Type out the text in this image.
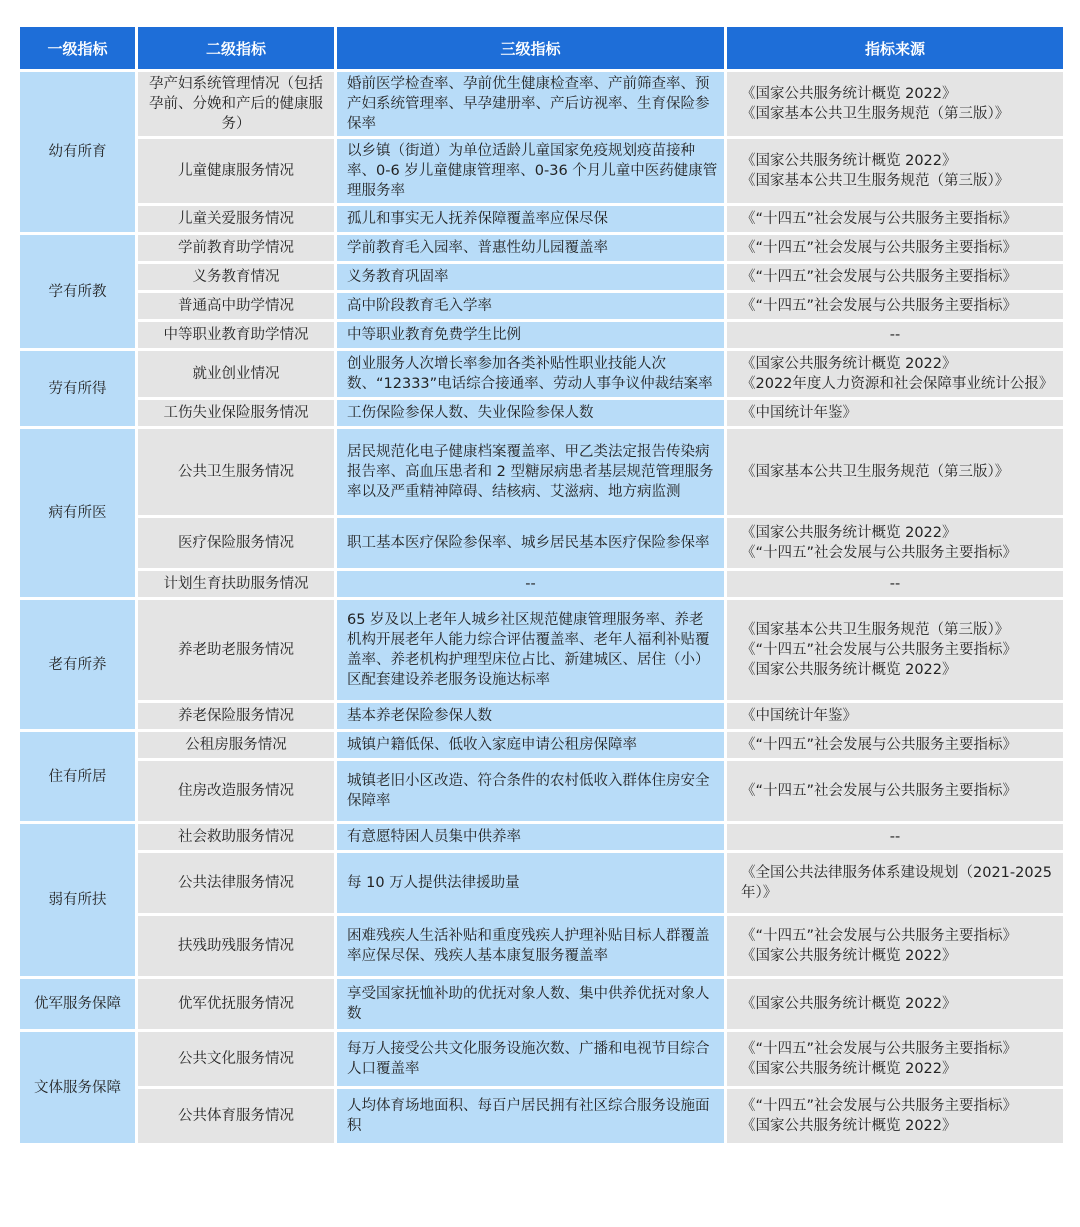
一级指标	二级指标	三级指标	指标来源
幼有所育	孕产妇系统管理情况（包括孕前、分娩和产后的健康服务）	婚前医学检查率、孕前优生健康检查率、产前筛查率、预产妇系统管理率、早孕建册率、产后访视率、生育保险参保率	《国家公共服务统计概览 2022》
《国家基本公共卫生服务规范（第三版）》

	儿童健康服务情况	以乡镇（街道）为单位适龄儿童国家免疫规划疫苗接种率、0-6 岁儿童健康管理率、0-36 个月儿童中医药健康管理服务率	《国家公共服务统计概览 2022》
《国家基本公共卫生服务规范（第三版）》

	儿童关爱服务情况	孤儿和事实无人抚养保障覆盖率应保尽保	《“十四五”社会发展与公共服务主要指标》

学有所教	学前教育助学情况	学前教育毛入园率、普惠性幼儿园覆盖率	《“十四五”社会发展与公共服务主要指标》

	义务教育情况	义务教育巩固率	《“十四五”社会发展与公共服务主要指标》

	普通高中助学情况	高中阶段教育毛入学率	《“十四五”社会发展与公共服务主要指标》

	中等职业教育助学情况	中等职业教育免费学生比例	--

劳有所得	就业创业情况	创业服务人次增长率参加各类补贴性职业技能人次数、“12333”电话综合接通率、劳动人事争议仲裁结案率	《国家公共服务统计概览 2022》
《2022年度人力资源和社会保障事业统计公报》

	工伤失业保险服务情况	工伤保险参保人数、失业保险参保人数	《中国统计年鉴》

病有所医	公共卫生服务情况	居民规范化电子健康档案覆盖率、甲乙类法定报告传染病报告率、高血压患者和 2 型糖尿病患者基层规范管理服务率以及严重精神障碍、结核病、艾滋病、地方病监测	《国家基本公共卫生服务规范（第三版）》

	医疗保险服务情况	职工基本医疗保险参保率、城乡居民基本医疗保险参保率	《国家公共服务统计概览 2022》
《“十四五”社会发展与公共服务主要指标》

	计划生育扶助服务情况	--	--

老有所养	养老助老服务情况	65 岁及以上老年人城乡社区规范健康管理服务率、养老机构开展老年人能力综合评估覆盖率、老年人福利补贴覆盖率、养老机构护理型床位占比、新建城区、居住（小）区配套建设养老服务设施达标率	《国家基本公共卫生服务规范（第三版）》
《“十四五”社会发展与公共服务主要指标》
《国家公共服务统计概览 2022》

	养老保险服务情况	基本养老保险参保人数	《中国统计年鉴》

住有所居	公租房服务情况	城镇户籍低保、低收入家庭申请公租房保障率	《“十四五”社会发展与公共服务主要指标》

	住房改造服务情况	城镇老旧小区改造、符合条件的农村低收入群体住房安全保障率	《“十四五”社会发展与公共服务主要指标》

弱有所扶	社会救助服务情况	有意愿特困人员集中供养率	--

	公共法律服务情况	每 10 万人提供法律援助量	《全国公共法律服务体系建设规划（2021-2025 年）》

	扶残助残服务情况	困难残疾人生活补贴和重度残疾人护理补贴目标人群覆盖率应保尽保、残疾人基本康复服务覆盖率	《“十四五”社会发展与公共服务主要指标》
《国家公共服务统计概览 2022》

优军服务保障	优军优抚服务情况	享受国家抚恤补助的优抚对象人数、集中供养优抚对象人数	《国家公共服务统计概览 2022》

文体服务保障	公共文化服务情况	每万人接受公共文化服务设施次数、广播和电视节目综合人口覆盖率	《“十四五”社会发展与公共服务主要指标》
《国家公共服务统计概览 2022》

	公共体育服务情况	人均体育场地面积、每百户居民拥有社区综合服务设施面积	《“十四五”社会发展与公共服务主要指标》
《国家公共服务统计概览 2022》
